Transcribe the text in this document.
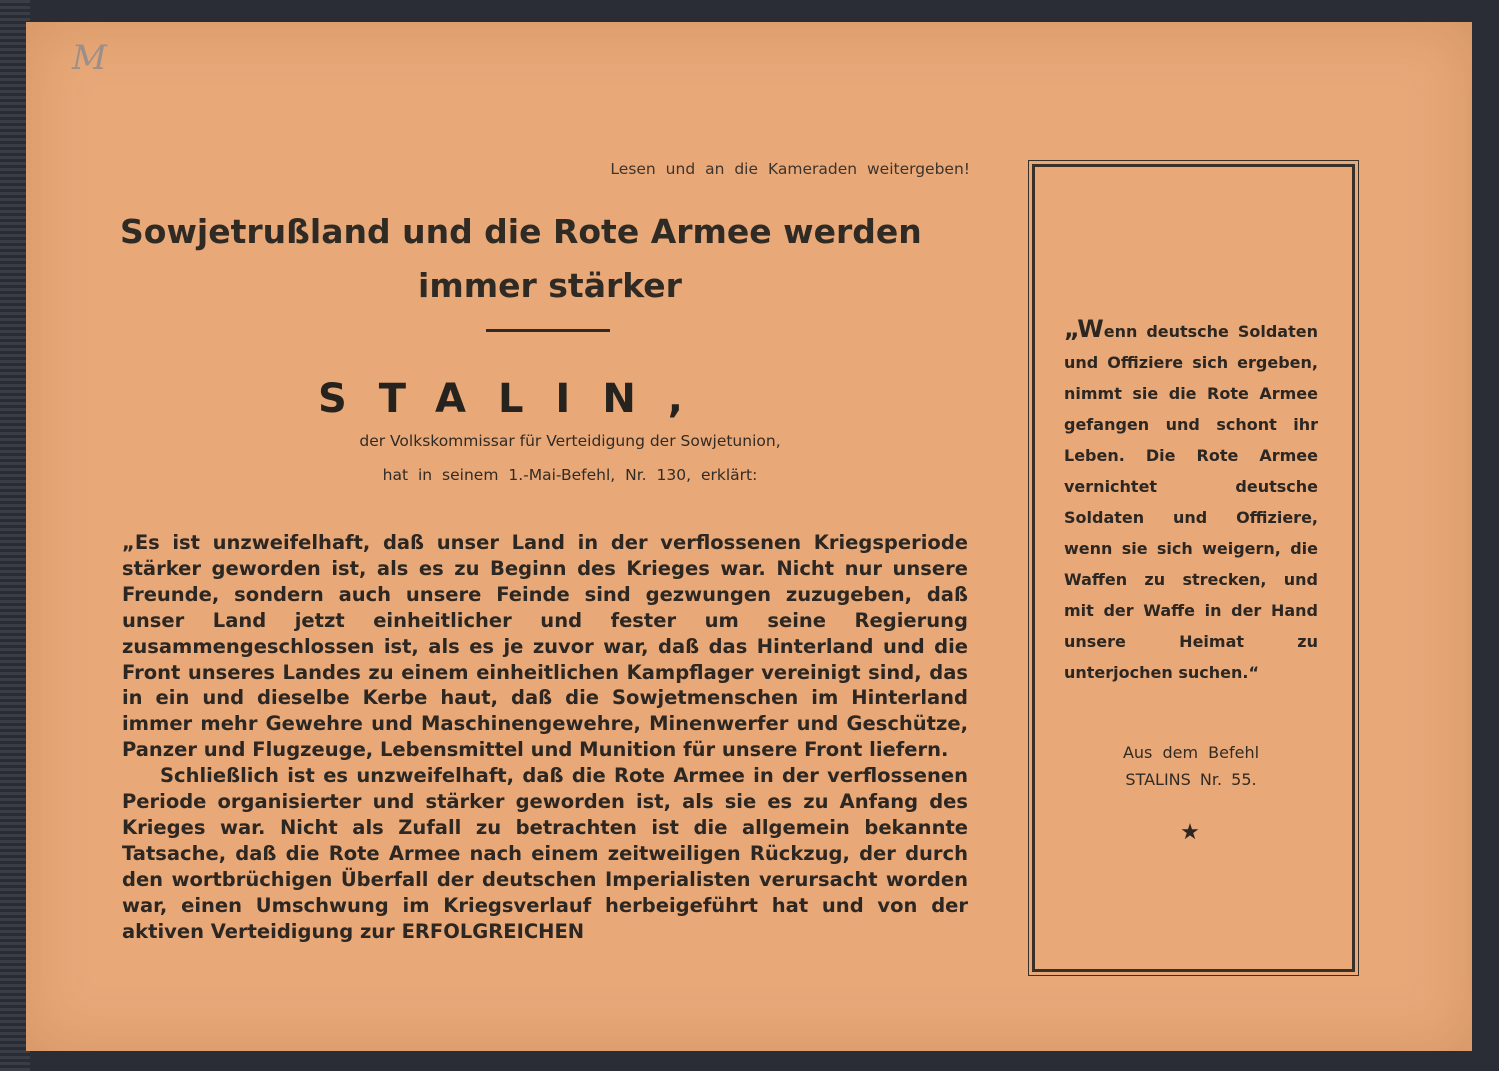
M
Lesen und an die Kameraden weitergeben!
Sowjetrußland und die Rote Armee werden
immer stärker
STALIN,
der Volkskommissar für Verteidigung der Sowjetunion,
hat in seinem 1.-Mai-Befehl, Nr. 130, erklärt:

„Es ist unzweifelhaft, daß unser Land in der verflossenen Kriegsperiode stärker geworden ist, als es zu Beginn des Krieges war. Nicht nur unsere Freunde, sondern auch unsere Feinde sind gezwungen zuzugeben, daß unser Land jetzt einheitlicher und fester um seine Regierung zusammengeschlossen ist, als es je zuvor war, daß das Hinterland und die Front unseres Landes zu einem einheitlichen Kampflager vereinigt sind, das in ein und dieselbe Kerbe haut, daß die Sowjetmenschen im Hinterland immer mehr Gewehre und Maschinengewehre, Minenwerfer und Geschütze, Panzer und Flugzeuge, Lebensmittel und Munition für unsere Front liefern.

Schließlich ist es unzweifelhaft, daß die Rote Armee in der verflossenen Periode organisierter und stärker geworden ist, als sie es zu Anfang des Krieges war. Nicht als Zufall zu betrachten ist die allgemein bekannte Tatsache, daß die Rote Armee nach einem zeitweiligen Rückzug, der durch den wortbrüchigen Überfall der deutschen Imperialisten verursacht worden war, einen Umschwung im Kriegsverlauf herbeigeführt hat und von der aktiven Verteidigung zur ERFOLGREICHEN

„Wenn deutsche Soldaten und Offiziere sich ergeben, nimmt sie die Rote Armee gefangen und schont ihr Leben. Die Rote Armee vernichtet deutsche Soldaten und Offiziere, wenn sie sich weigern, die Waffen zu strecken, und mit der Waffe in der Hand unsere Heimat zu unterjochen suchen.“
Aus dem Befehl
STALINS Nr. 55.
★
